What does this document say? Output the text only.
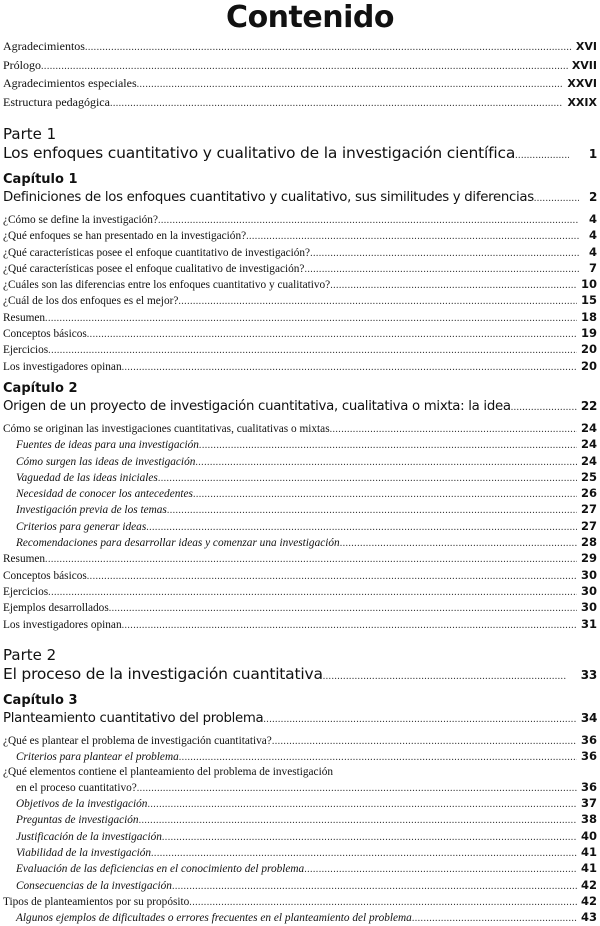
Contenido
Agradecimientos .....	XVI
Prólogo .....	XVII
Agradecimientos especiales .....	XXVI
Estructura pedagógica .....	XXIX
Parte 1
Los enfoques cuantitativo y cualitativo de la investigación científica .....	1
Capítulo 1
Definiciones de los enfoques cuantitativo y cualitativo, sus similitudes y diferencias .....	2
¿Cómo se define la investigación? .....	4
¿Qué enfoques se han presentado en la investigación? .....	4
¿Qué características posee el enfoque cuantitativo de investigación? .....	4
¿Qué características posee el enfoque cualitativo de investigación? .....	7
¿Cuáles son las diferencias entre los enfoques cuantitativo y cualitativo? .....	10
¿Cuál de los dos enfoques es el mejor? .....	15
Resumen .....	18
Conceptos básicos .....	19
Ejercicios .....	20
Los investigadores opinan .....	20
Capítulo 2
Origen de un proyecto de investigación cuantitativa, cualitativa o mixta: la idea .....	22
Cómo se originan las investigaciones cuantitativas, cualitativas o mixtas .....	24
Fuentes de ideas para una investigación .....	24
Cómo surgen las ideas de investigación .....	24
Vaguedad de las ideas iniciales .....	25
Necesidad de conocer los antecedentes .....	26
Investigación previa de los temas .....	27
Criterios para generar ideas .....	27
Recomendaciones para desarrollar ideas y comenzar una investigación .....	28
Resumen .....	29
Conceptos básicos .....	30
Ejercicios .....	30
Ejemplos desarrollados .....	30
Los investigadores opinan .....	31
Parte 2
El proceso de la investigación cuantitativa .....	33
Capítulo 3
Planteamiento cuantitativo del problema .....	34
¿Qué es plantear el problema de investigación cuantitativa? .....	36
Criterios para plantear el problema .....	36
¿Qué elementos contiene el planteamiento del problema de investigación
en el proceso cuantitativo? .....	36
Objetivos de la investigación .....	37
Preguntas de investigación .....	38
Justificación de la investigación .....	40
Viabilidad de la investigación .....	41
Evaluación de las deficiencias en el conocimiento del problema .....	41
Consecuencias de la investigación .....	42
Tipos de planteamientos por su propósito .....	42
Algunos ejemplos de dificultades o errores frecuentes en el planteamiento del problema .....	43
